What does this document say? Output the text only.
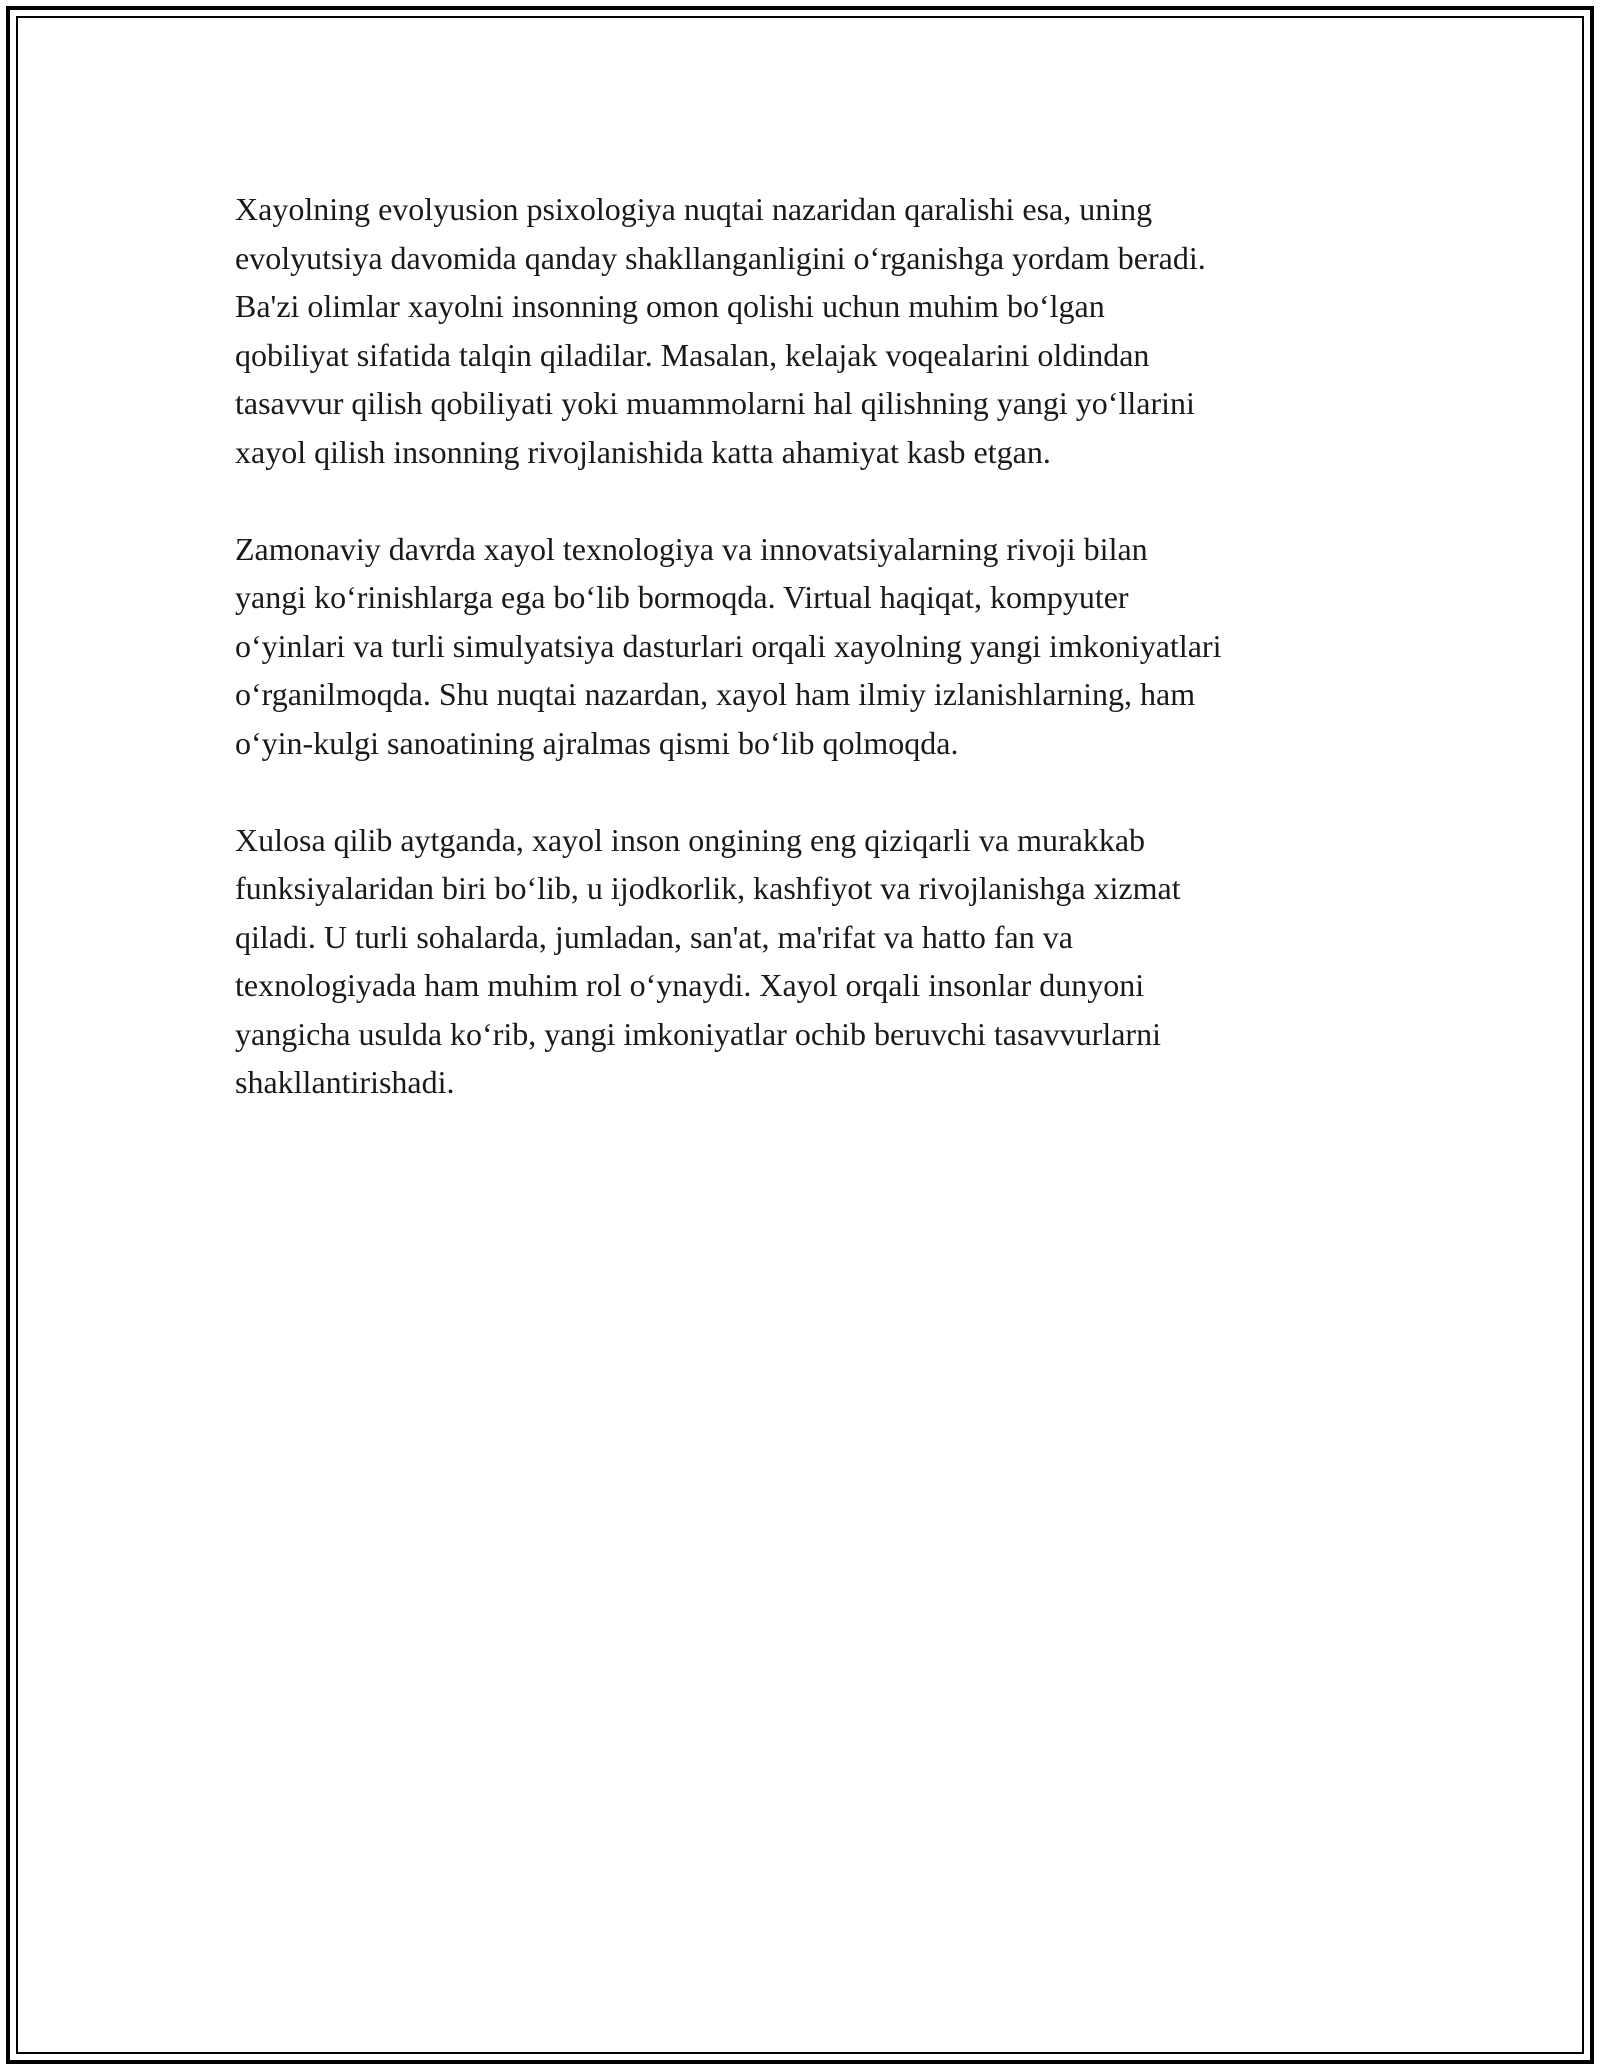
Xayolning evolyusion psixologiya nuqtai nazaridan qaralishi esa, uning
evolyutsiya davomida qanday shakllanganligini o‘rganishga yordam beradi.
Ba'zi olimlar xayolni insonning omon qolishi uchun muhim bo‘lgan
qobiliyat sifatida talqin qiladilar. Masalan, kelajak voqealarini oldindan
tasavvur qilish qobiliyati yoki muammolarni hal qilishning yangi yo‘llarini
xayol qilish insonning rivojlanishida katta ahamiyat kasb etgan.

Zamonaviy davrda xayol texnologiya va innovatsiyalarning rivoji bilan
yangi ko‘rinishlarga ega bo‘lib bormoqda. Virtual haqiqat, kompyuter
o‘yinlari va turli simulyatsiya dasturlari orqali xayolning yangi imkoniyatlari
o‘rganilmoqda. Shu nuqtai nazardan, xayol ham ilmiy izlanishlarning, ham
o‘yin-kulgi sanoatining ajralmas qismi bo‘lib qolmoqda.

Xulosa qilib aytganda, xayol inson ongining eng qiziqarli va murakkab
funksiyalaridan biri bo‘lib, u ijodkorlik, kashfiyot va rivojlanishga xizmat
qiladi. U turli sohalarda, jumladan, san'at, ma'rifat va hatto fan va
texnologiyada ham muhim rol o‘ynaydi. Xayol orqali insonlar dunyoni
yangicha usulda ko‘rib, yangi imkoniyatlar ochib beruvchi tasavvurlarni
shakllantirishadi.
